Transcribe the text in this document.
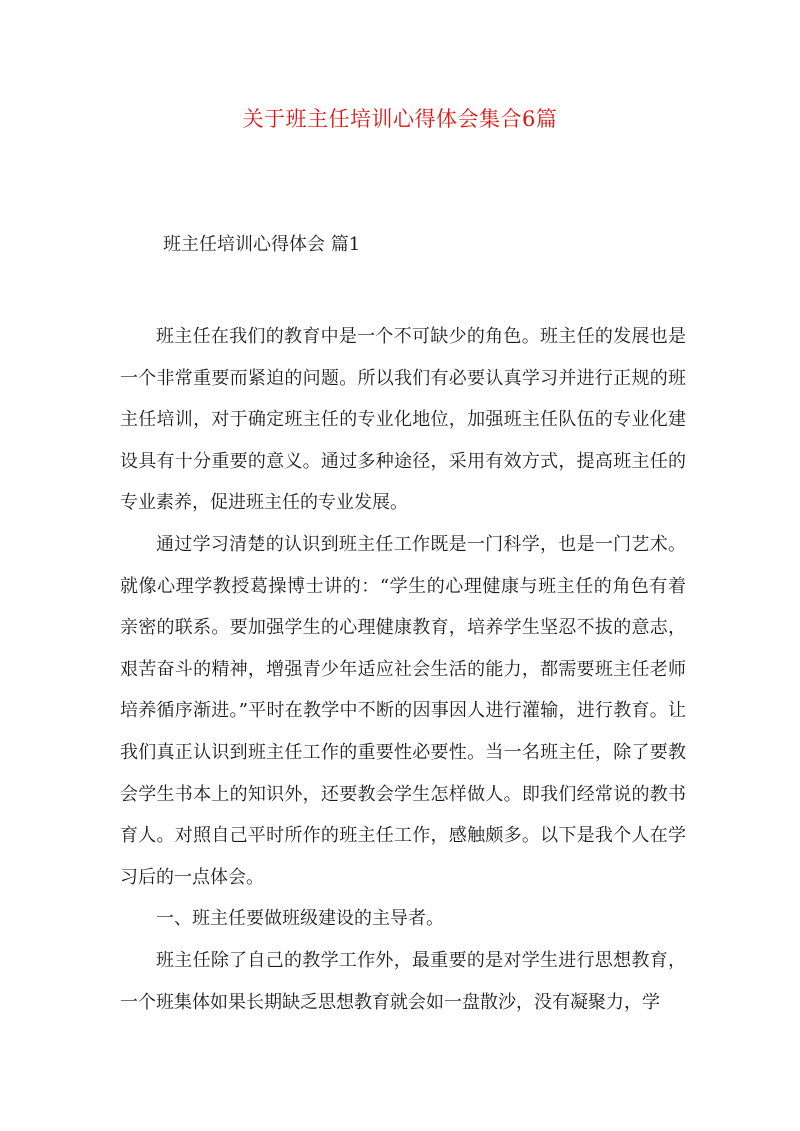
关于班主任培训心得体会集合6篇
班主任培训心得体会 篇1

班主任在我们的教育中是一个不可缺少的角色。班主任的发展也是一个非常重要而紧迫的问题。所以我们有必要认真学习并进行正规的班主任培训，对于确定班主任的专业化地位，加强班主任队伍的专业化建设具有十分重要的意义。通过多种途径，采用有效方式，提高班主任的专业素养，促进班主任的专业发展。

通过学习清楚的认识到班主任工作既是一门科学，也是一门艺术。就像心理学教授葛操博士讲的：“学生的心理健康与班主任的角色有着亲密的联系。要加强学生的心理健康教育，培养学生坚忍不拔的意志，艰苦奋斗的精神，增强青少年适应社会生活的能力，都需要班主任老师培养循序渐进。”平时在教学中不断的因事因人进行灌输，进行教育。让我们真正认识到班主任工作的重要性必要性。当一名班主任，除了要教会学生书本上的知识外，还要教会学生怎样做人。即我们经常说的教书育人。对照自己平时所作的班主任工作，感触颇多。以下是我个人在学习后的一点体会。

一、班主任要做班级建设的主导者。

班主任除了自己的教学工作外，最重要的是对学生进行思想教育，一个班集体如果长期缺乏思想教育就会如一盘散沙，没有凝聚力，学
